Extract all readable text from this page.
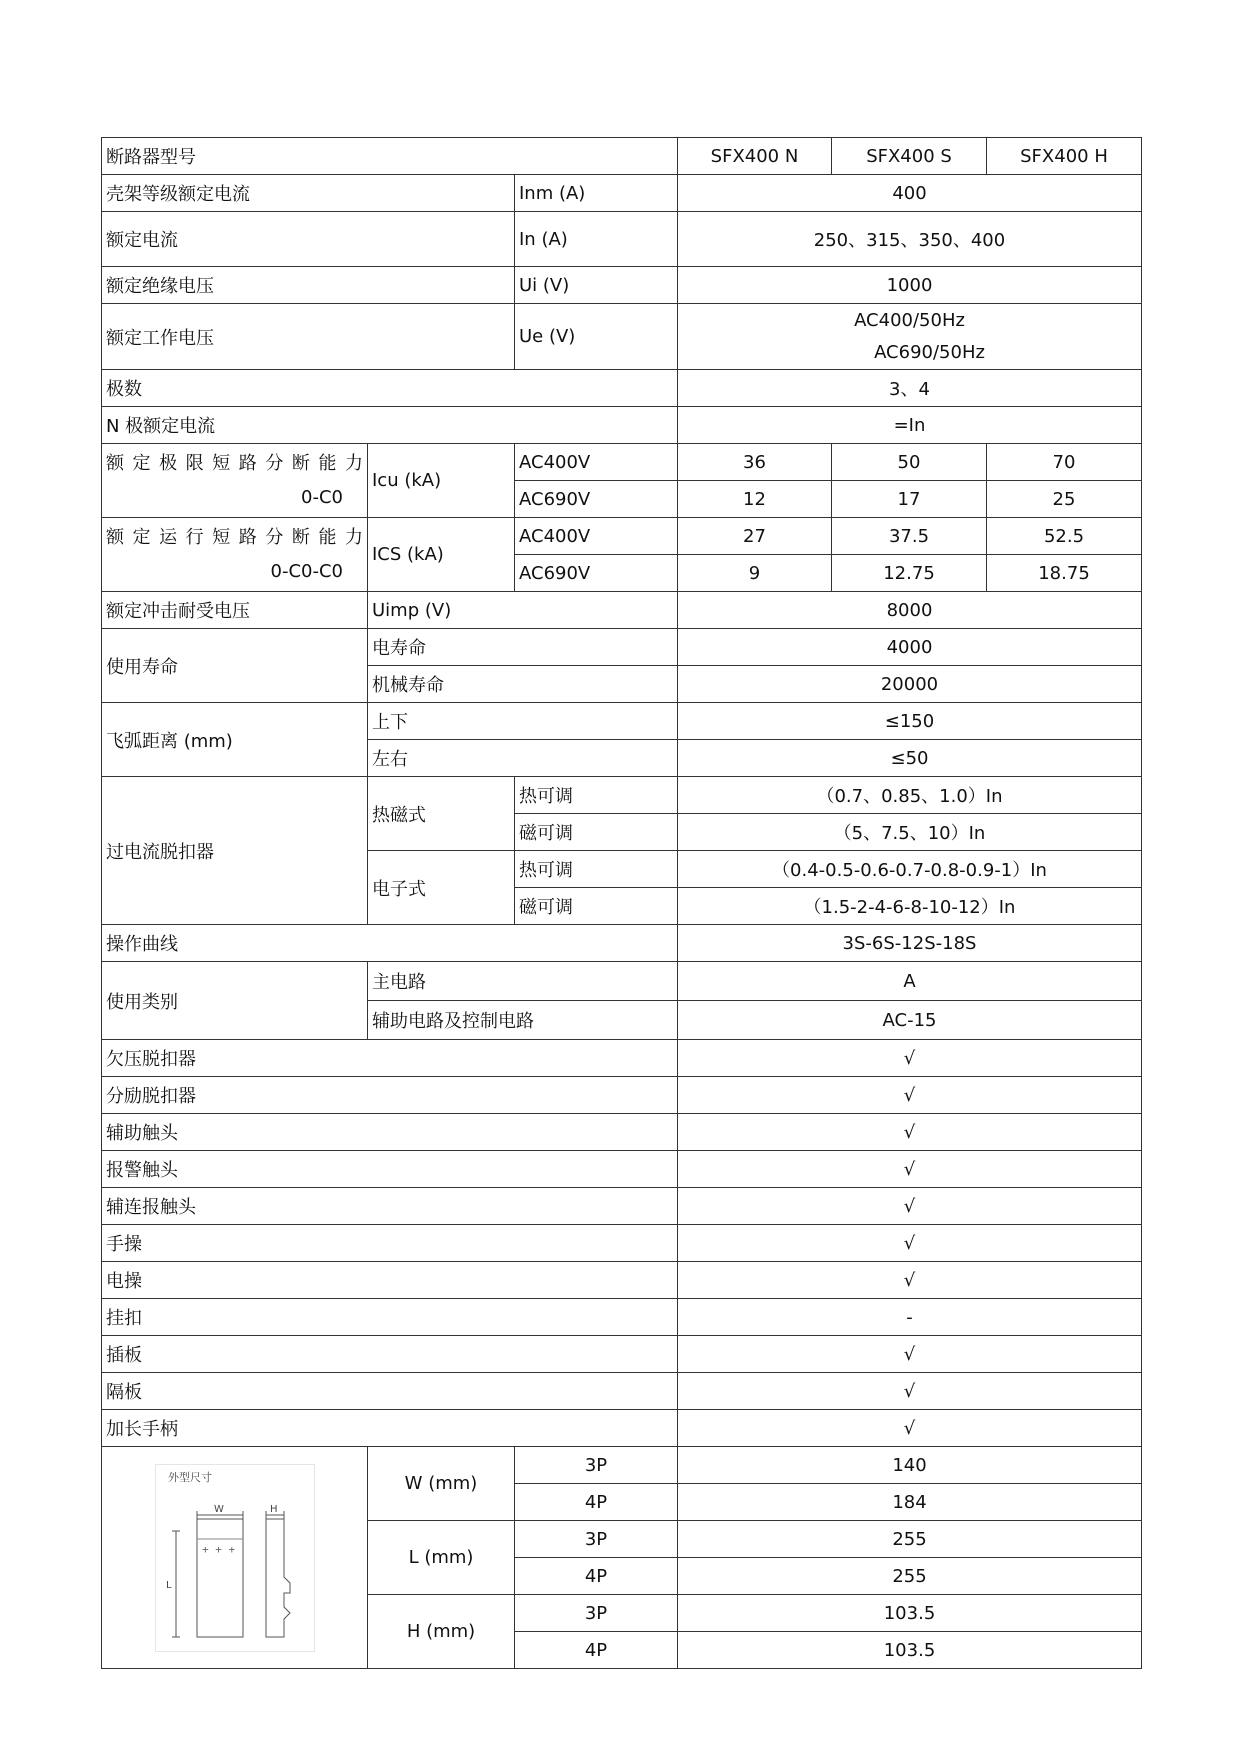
断路器型号			SFX400 N	SFX400 S	SFX400 H
壳架等级额定电流		Inm (A)	400		
额定电流		In (A)	250、315、350、400		
额定绝缘电压		Ui (V)	1000		
额定工作电压		Ue (V)	AC400/50Hz
AC690/50Hz		

极数			3、4		
N 极额定电流			=In		

额定极限短路分断能力
0-C0	Icu (kA)	AC400V	36	50	70
		AC690V	12	17	25

额定运行短路分断能力
0-C0-C0	ICS (kA)	AC400V	27	37.5	52.5
		AC690V	9	12.75	18.75
额定冲击耐受电压	Uimp (V)		8000		
使用寿命	电寿命		4000		
	机械寿命		20000		
飞弧距离 (mm)	上下		≤150		
	左右		≤50		
过电流脱扣器	热磁式	热可调	（0.7、0.85、1.0）In		
		磁可调	（5、7.5、10）In		
	电子式	热可调	（0.4-0.5-0.6-0.7-0.8-0.9-1）In		
		磁可调	（1.5-2-4-6-8-10-12）In		
操作曲线			3S-6S-12S-18S		
使用类别	主电路		A		
	辅助电路及控制电路		AC-15		
欠压脱扣器			√		
分励脱扣器			√		
辅助触头			√		
报警触头			√		
辅连报触头			√		
手操			√		
电操			√		
挂扣			-		
插板			√		
隔板			√		
加长手柄			√		

外型尺寸
W
+ + +
L
H	W (mm)	3P	140		
		4P	184		
	L (mm)	3P	255		
		4P	255		
	H (mm)	3P	103.5		
		4P	103.5		
